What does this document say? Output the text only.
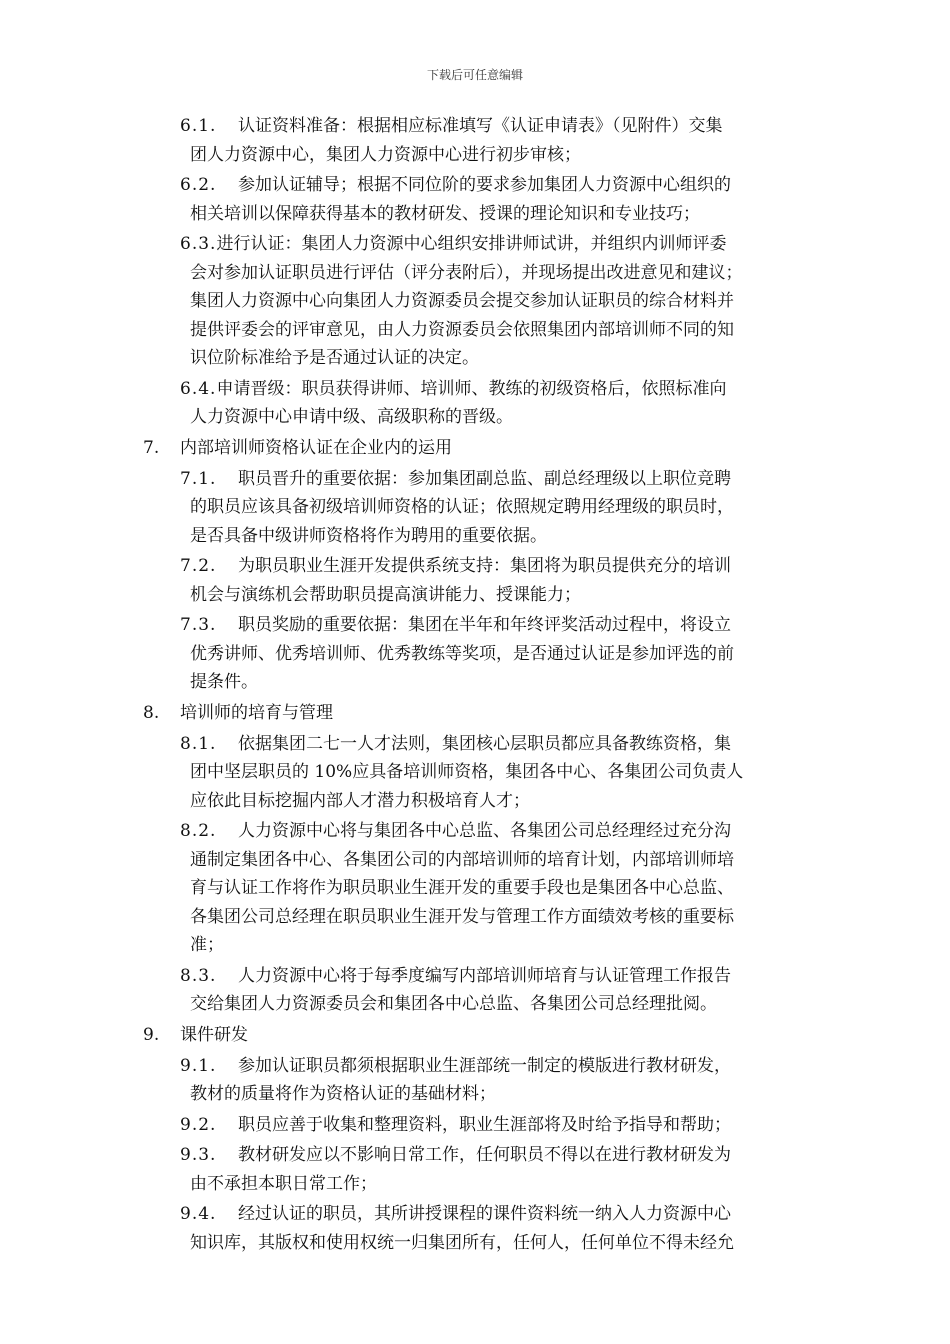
下载后可任意编辑
6.1. 认证资料准备：根据相应标准填写《认证申请表》（见附件）交集
团人力资源中心，集团人力资源中心进行初步审核；
6.2. 参加认证辅导；根据不同位阶的要求参加集团人力资源中心组织的
相关培训以保障获得基本的教材研发、授课的理论知识和专业技巧；
6.3.进行认证：集团人力资源中心组织安排讲师试讲，并组织内训师评委
会对参加认证职员进行评估（评分表附后），并现场提出改进意见和建议；
集团人力资源中心向集团人力资源委员会提交参加认证职员的综合材料并
提供评委会的评审意见，由人力资源委员会依照集团内部培训师不同的知
识位阶标准给予是否通过认证的决定。
6.4.申请晋级：职员获得讲师、培训师、教练的初级资格后，依照标准向
人力资源中心申请中级、高级职称的晋级。
7. 内部培训师资格认证在企业内的运用
7.1. 职员晋升的重要依据：参加集团副总监、副总经理级以上职位竞聘
的职员应该具备初级培训师资格的认证；依照规定聘用经理级的职员时，
是否具备中级讲师资格将作为聘用的重要依据。
7.2. 为职员职业生涯开发提供系统支持：集团将为职员提供充分的培训
机会与演练机会帮助职员提高演讲能力、授课能力；
7.3. 职员奖励的重要依据：集团在半年和年终评奖活动过程中，将设立
优秀讲师、优秀培训师、优秀教练等奖项，是否通过认证是参加评选的前
提条件。
8. 培训师的培育与管理
8.1. 依据集团二七一人才法则，集团核心层职员都应具备教练资格，集
团中坚层职员的 10%应具备培训师资格，集团各中心、各集团公司负责人
应依此目标挖掘内部人才潜力积极培育人才；
8.2. 人力资源中心将与集团各中心总监、各集团公司总经理经过充分沟
通制定集团各中心、各集团公司的内部培训师的培育计划，内部培训师培
育与认证工作将作为职员职业生涯开发的重要手段也是集团各中心总监、
各集团公司总经理在职员职业生涯开发与管理工作方面绩效考核的重要标
准；
8.3. 人力资源中心将于每季度编写内部培训师培育与认证管理工作报告
交给集团人力资源委员会和集团各中心总监、各集团公司总经理批阅。
9. 课件研发
9.1. 参加认证职员都须根据职业生涯部统一制定的模版进行教材研发，
教材的质量将作为资格认证的基础材料；
9.2. 职员应善于收集和整理资料，职业生涯部将及时给予指导和帮助；
9.3. 教材研发应以不影响日常工作，任何职员不得以在进行教材研发为
由不承担本职日常工作；
9.4. 经过认证的职员，其所讲授课程的课件资料统一纳入人力资源中心
知识库，其版权和使用权统一归集团所有，任何人，任何单位不得未经允
